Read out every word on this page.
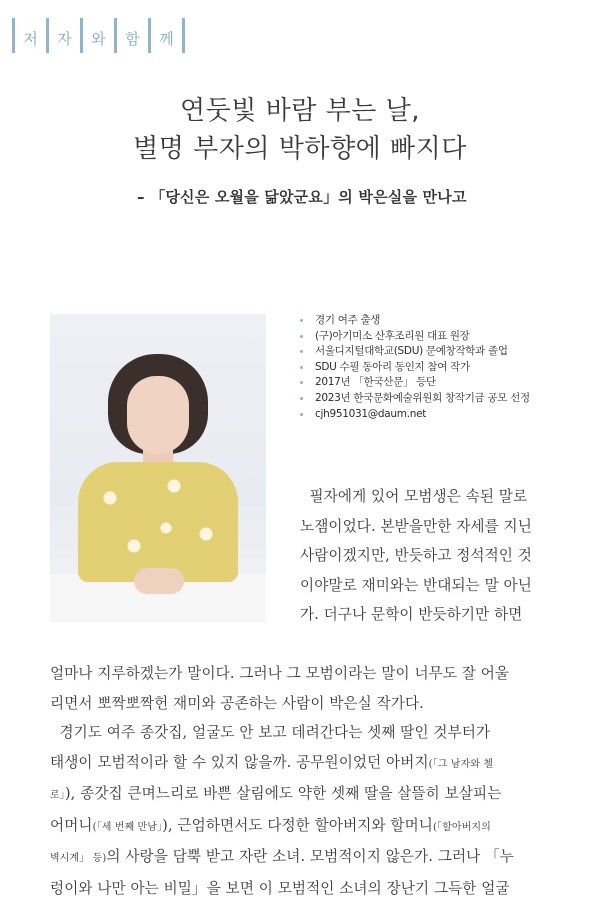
저	자	와	함	께
연둣빛 바람 부는 날,
별명 부자의 박하향에 빠지다
– 「당신은 오월을 닮았군요」의 박은실을 만나고
경기 여주 출생
(구)아기미소 산후조리원 대표 원장
서울디지털대학교(SDU) 문예창작학과 졸업
SDU 수필 동아리 동인지 참여 작가
2017년 「한국산문」 등단
2023년 한국문화예술위원회 창작기금 공모 선정
cjh951031@daum.net
필자에게 있어 모범생은 속된 말로
노잼이었다. 본받을만한 자세를 지닌
사람이겠지만, 반듯하고 정석적인 것
이야말로 재미와는 반대되는 말 아닌
가. 더구나 문학이 반듯하기만 하면
얼마나 지루하겠는가 말이다. 그러나 그 모범이라는 말이 너무도 잘 어울
리면서 뽀짝뽀짝헌 재미와 공존하는 사람이 박은실 작가다.
경기도 여주 종갓집, 얼굴도 안 보고 데려간다는 셋째 딸인 것부터가
태생이 모범적이라 할 수 있지 않을까. 공무원이었던 아버지(「그 남자와 첼
로」), 종갓집 큰며느리로 바쁜 살림에도 약한 셋째 딸을 살뜰히 보살피는
어머니(「세 번째 만남」), 근엄하면서도 다정한 할아버지와 할머니(「할아버지의
벽시계」 등)의 사랑을 담뿍 받고 자란 소녀. 모범적이지 않은가. 그러나 「누
렁이와 나만 아는 비밀」을 보면 이 모범적인 소녀의 장난기 그득한 얼굴
